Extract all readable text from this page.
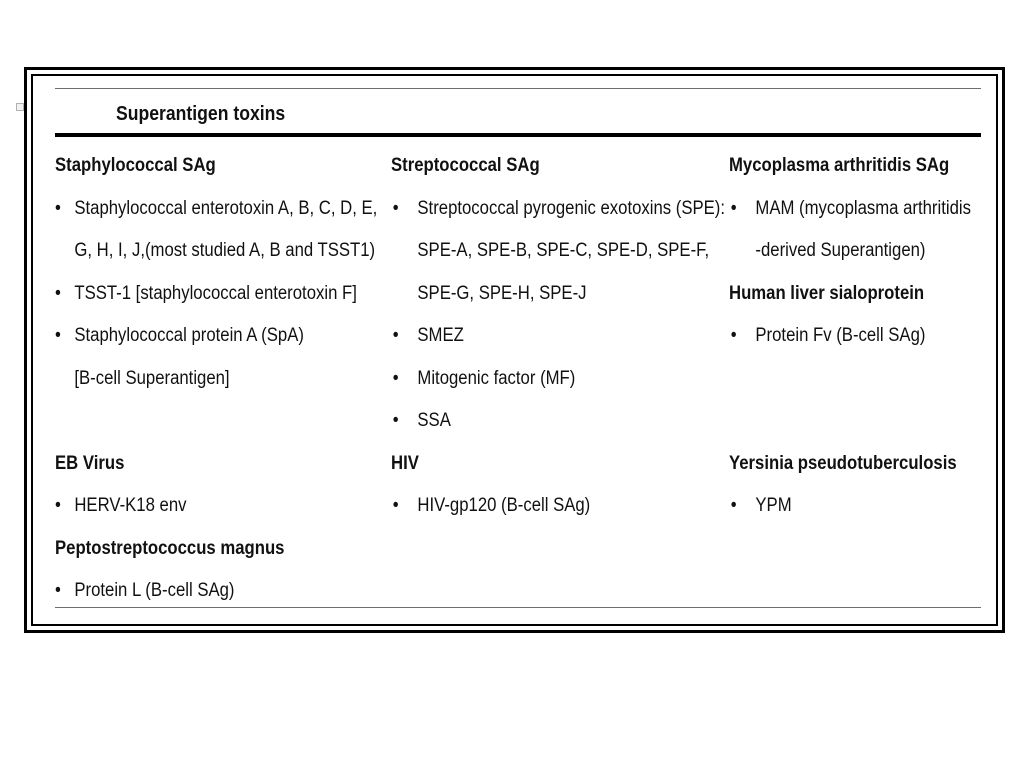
Superantigen toxins
Staphylococcal SAg
• Staphylococcal enterotoxin A, B, C, D, E,
G, H, I, J,(most studied A, B and TSST1)
• TSST-1 [staphylococcal enterotoxin F]
• Staphylococcal protein A (SpA)
[B-cell Superantigen]
EB Virus
• HERV-K18 env
Peptostreptococcus magnus
• Protein L (B-cell SAg)
Streptococcal SAg
• Streptococcal pyrogenic exotoxins (SPE):
SPE-A, SPE-B, SPE-C, SPE-D, SPE-F,
SPE-G, SPE-H, SPE-J
• SMEZ
• Mitogenic factor (MF)
• SSA
HIV
• HIV-gp120 (B-cell SAg)
Mycoplasma arthritidis SAg
• MAM (mycoplasma arthritidis
-derived Superantigen)
Human liver sialoprotein
• Protein Fv (B-cell SAg)
Yersinia pseudotuberculosis
• YPM
